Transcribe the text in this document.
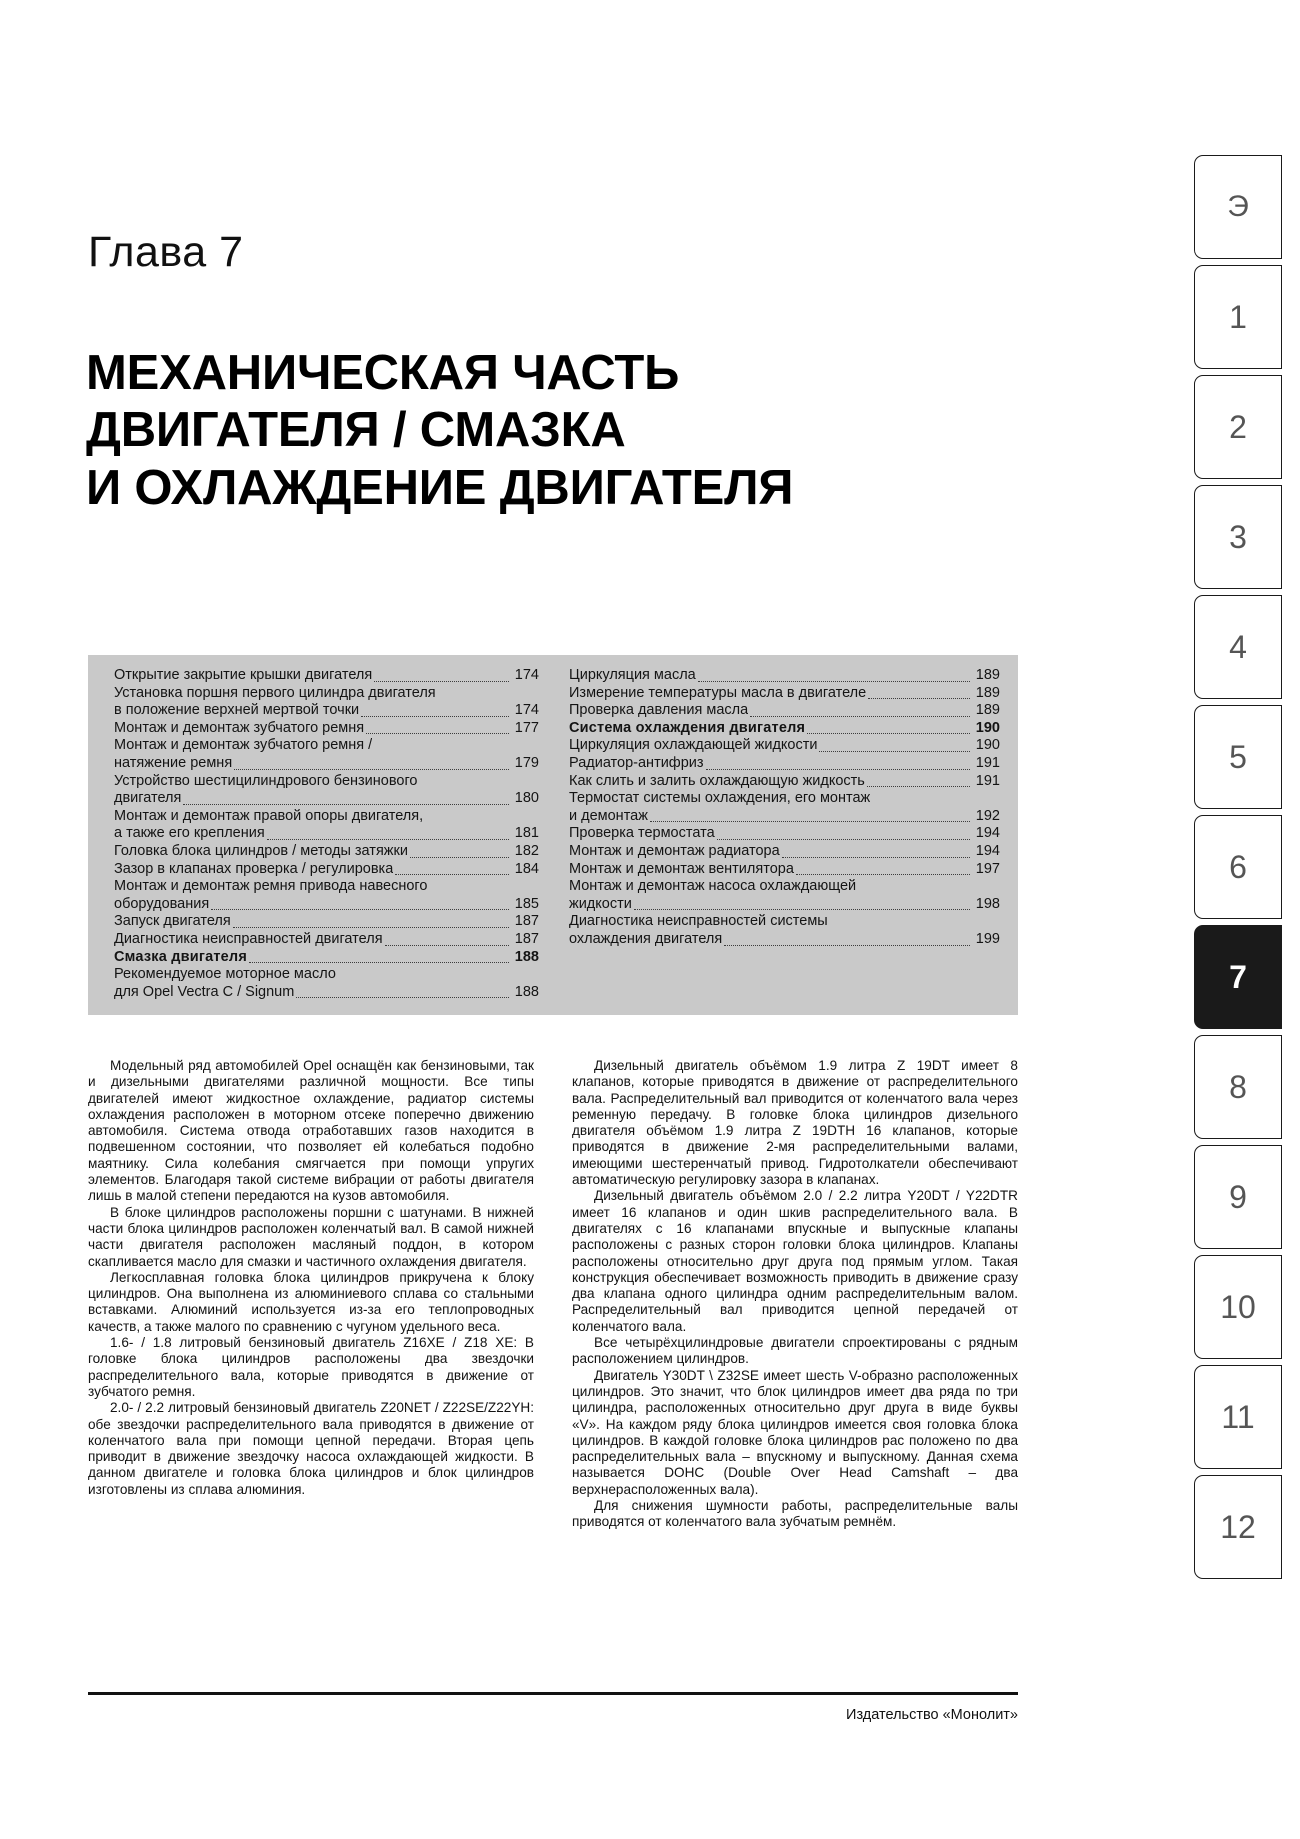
Э
1
2
3
4
5
6
7
8
9
10
11
12
Глава 7
МЕХАНИЧЕСКАЯ ЧАСТЬ
ДВИГАТЕЛЯ / СМАЗКА
И ОХЛАЖДЕНИЕ ДВИГАТЕЛЯ
Открытие закрытие крышки двигателя	174
Установка поршня первого цилиндра двигателя
в положение верхней мертвой точки	174
Монтаж и демонтаж зубчатого ремня	177
Монтаж и демонтаж зубчатого ремня /
натяжение ремня	179
Устройство шестицилиндрового бензинового
двигателя	180
Монтаж и демонтаж правой опоры двигателя,
а также его крепления	181
Головка блока цилиндров / методы затяжки	182
Зазор в клапанах проверка / регулировка	184
Монтаж и демонтаж ремня привода навесного
оборудования	185
Запуск двигателя	187
Диагностика неисправностей двигателя	187
Смазка двигателя	188
Рекомендуемое моторное масло
для Opel Vectra C / Signum	188
Циркуляция масла	189
Измерение температуры масла в двигателе	189
Проверка давления масла	189
Система охлаждения двигателя	190
Циркуляция охлаждающей жидкости	190
Радиатор-антифриз	191
Как слить и залить охлаждающую жидкость	191
Термостат системы охлаждения, его монтаж
и демонтаж	192
Проверка термостата	194
Монтаж и демонтаж радиатора	194
Монтаж и демонтаж вентилятора	197
Монтаж и демонтаж насоса охлаждающей
жидкости	198
Диагностика неисправностей системы
охлаждения двигателя	199

Модельный ряд автомобилей Opel оснащён как бензиновыми, так и дизельными двигателями различной мощности. Все типы двигателей имеют жидкостное охлаждение, радиатор системы охлаждения расположен в моторном отсеке поперечно движению автомобиля. Система отвода отработавших газов находится в подвешенном состоянии, что позволяет ей колебаться подобно маятнику. Сила колебания смягчается при помощи упругих элементов. Благодаря такой системе вибрации от работы двигателя лишь в малой степени передаются на кузов автомобиля.

В блоке цилиндров расположены поршни с шатунами. В нижней части блока цилиндров расположен коленчатый вал. В самой нижней части двигателя расположен масляный поддон, в котором скапливается масло для смазки и частичного охлаждения двигателя.

Легкосплавная головка блока цилиндров прикручена к блоку цилиндров. Она выполнена из алюминиевого сплава со стальными вставками. Алюминий используется из-за его теплопроводных качеств, а также малого по сравнению с чугуном удельного веса.

1.6- / 1.8 литровый бензиновый двигатель Z16XE / Z18 XE: В головке блока цилиндров расположены два звездочки распределительного вала, которые приводятся в движение от зубчатого ремня.

2.0- / 2.2 литровый бензиновый двигатель Z20NET / Z22SE/Z22YH: обе звездочки распределительного вала приводятся в движение от коленчатого вала при помощи цепной передачи. Вторая цепь приводит в движение звездочку насоса охлаждающей жидкости. В данном двигателе и головка блока цилиндров и блок цилиндров изготовлены из сплава алюминия.

Дизельный двигатель объёмом 1.9 литра Z 19DT имеет 8 клапанов, которые приводятся в движение от распределительного вала. Распределительный вал приводится от коленчатого вала через ременную передачу. В головке блока цилиндров дизельного двигателя объёмом 1.9 литра Z 19DTH 16 клапанов, которые приводятся в движение 2-мя распределительными валами, имеющими шестеренчатый привод. Гидротолкатели обеспечивают автоматическую регулировку зазора в клапанах.

Дизельный двигатель объёмом 2.0 / 2.2 литра Y20DT / Y22DTR имеет 16 клапанов и один шкив распределительного вала. В двигателях с 16 клапанами впускные и выпускные клапаны расположены с разных сторон головки блока цилиндров. Клапаны расположены относительно друг друга под прямым углом. Такая конструкция обеспечивает возможность приводить в движение сразу два клапана одного цилиндра одним распределительным валом. Распределительный вал приводится цепной передачей от коленчатого вала.

Все четырёхцилиндровые двигатели спроектированы с рядным расположением цилиндров.

Двигатель Y30DT \ Z32SE имеет шесть V-образно расположенных цилиндров. Это значит, что блок цилиндров имеет два ряда по три цилиндра, расположенных относительно друг друга в виде буквы «V». На каждом ряду блока цилиндров имеется своя головка блока цилиндров. В каждой головке блока цилиндров рас положено по два распределительных вала – впускному и выпускному. Данная схема называется DOHC (Double Over Head Camshaft – два верхнерасположенных вала).

Для снижения шумности работы, распределительные валы приводятся от коленчатого вала зубчатым ремнём.

Издательство «Монолит»
